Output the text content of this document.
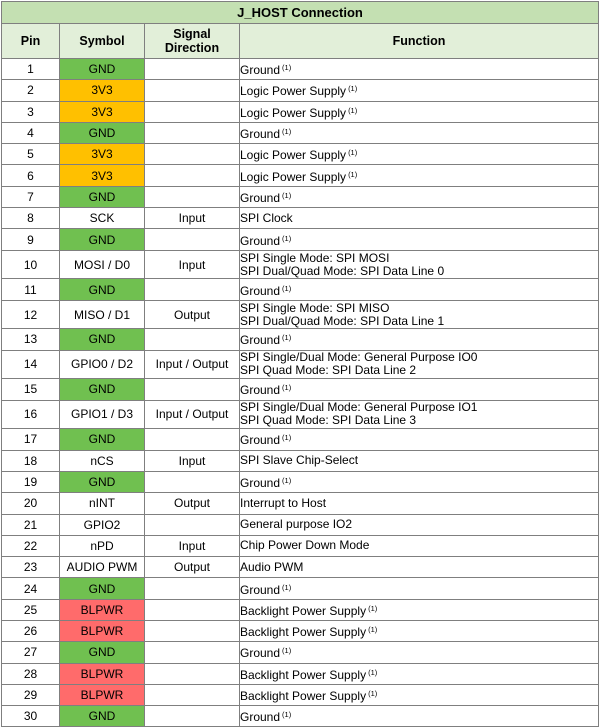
J_HOST Connection			
Pin	Symbol	Signal Direction	Function
1	GND		Ground $^{(1)}$

2	3V3		Logic Power Supply $^{(1)}$

3	3V3		Logic Power Supply $^{(1)}$

4	GND		Ground $^{(1)}$

5	3V3		Logic Power Supply $^{(1)}$

6	3V3		Logic Power Supply $^{(1)}$

7	GND		Ground $^{(1)}$

8	SCK	Input	SPI Clock

9	GND		Ground $^{(1)}$

10	MOSI / D0	Input	SPI Single Mode: SPI MOSI
SPI Dual/Quad Mode: SPI Data Line 0

11	GND		Ground $^{(1)}$

12	MISO / D1	Output	SPI Single Mode: SPI MISO
SPI Dual/Quad Mode: SPI Data Line 1

13	GND		Ground $^{(1)}$

14	GPIO0 / D2	Input / Output	SPI Single/Dual Mode: General Purpose IO0
SPI Quad Mode: SPI Data Line 2

15	GND		Ground $^{(1)}$

16	GPIO1 / D3	Input / Output	SPI Single/Dual Mode: General Purpose IO1
SPI Quad Mode: SPI Data Line 3

17	GND		Ground $^{(1)}$

18	nCS	Input	SPI Slave Chip-Select

19	GND		Ground $^{(1)}$

20	nINT	Output	Interrupt to Host

21	GPIO2		General purpose IO2

22	nPD	Input	Chip Power Down Mode

23	AUDIO PWM	Output	Audio PWM

24	GND		Ground $^{(1)}$

25	BLPWR		Backlight Power Supply $^{(1)}$

26	BLPWR		Backlight Power Supply $^{(1)}$

27	GND		Ground $^{(1)}$

28	BLPWR		Backlight Power Supply $^{(1)}$

29	BLPWR		Backlight Power Supply $^{(1)}$

30	GND		Ground $^{(1)}$
